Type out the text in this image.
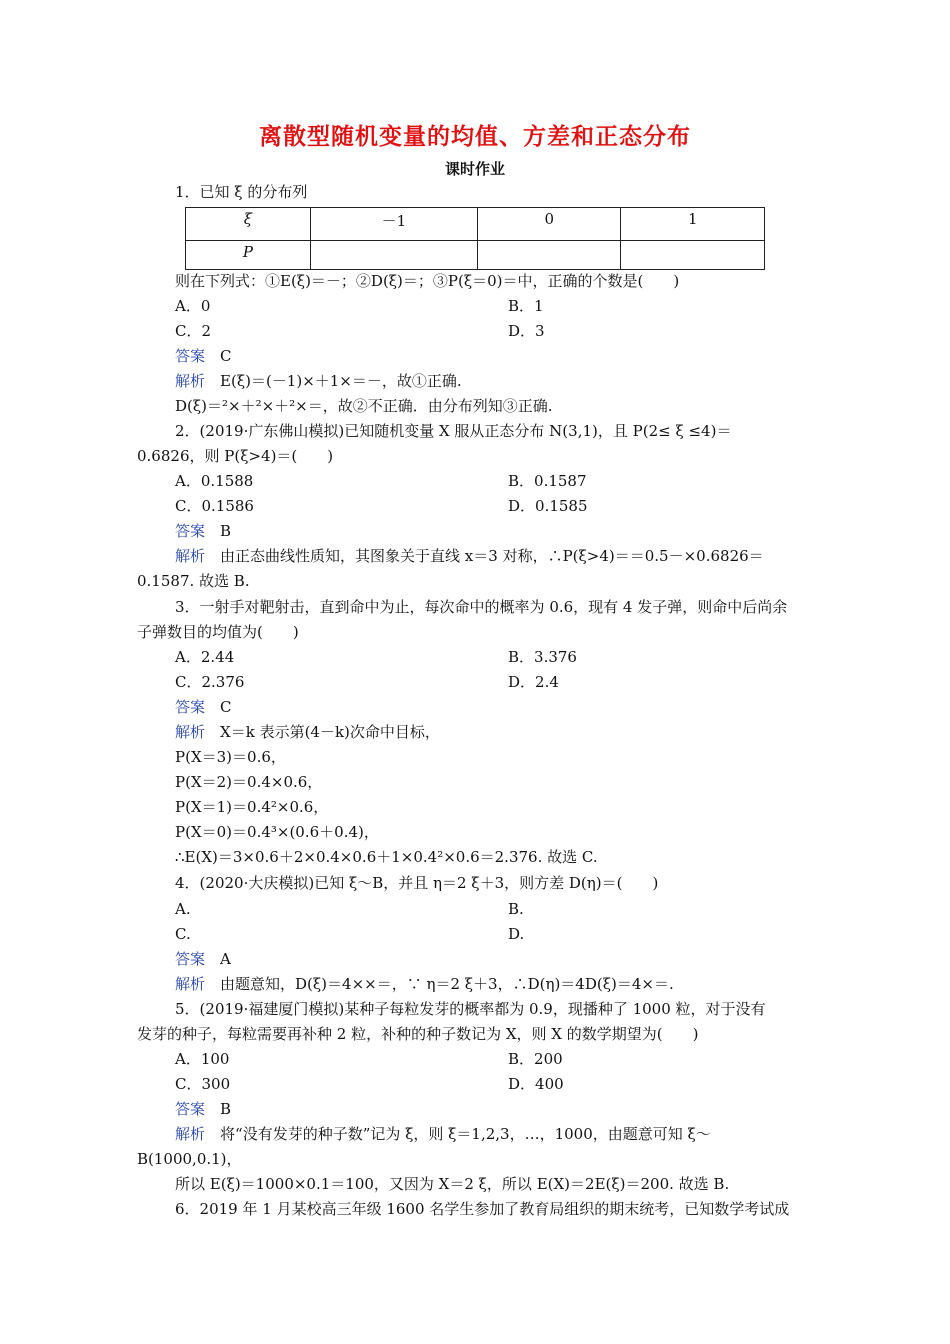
离散型随机变量的均值、方差和正态分布
课时作业
1．已知 ξ 的分布列
ξ	－1	0	1
P			
则在下列式：①E(ξ)＝－；②D(ξ)＝；③P(ξ＝0)＝中，正确的个数是(　　)
A．0	B．1
C．2	D．3
答案　 C
解析　 E(ξ)＝(－1)×＋1×＝－，故①正确.
D(ξ)＝²×＋²×＋²×＝，故②不正确．由分布列知③正确.
2．(2019·广东佛山模拟)已知随机变量 X 服从正态分布 N(3,1)，且 P(2≤ ξ ≤4)＝
0.6826，则 P(ξ>4)＝(　　)
A．0.1588	B．0.1587
C．0.1586	D．0.1585
答案　 B
解析　 由正态曲线性质知，其图象关于直线 x＝3 对称，∴P(ξ>4)＝＝0.5－×0.6826＝
0.1587. 故选 B.
3．一射手对靶射击，直到命中为止，每次命中的概率为 0.6，现有 4 发子弹，则命中后尚余
子弹数目的均值为(　　)
A．2.44	B．3.376
C．2.376	D．2.4
答案　 C
解析　 X＝k 表示第(4－k)次命中目标，
P(X＝3)＝0.6，
P(X＝2)＝0.4×0.6，
P(X＝1)＝0.4²×0.6，
P(X＝0)＝0.4³×(0.6＋0.4)，
∴E(X)＝3×0.6＋2×0.4×0.6＋1×0.4²×0.6＝2.376. 故选 C.
4．(2020·大庆模拟)已知 ξ～B，并且 η＝2 ξ＋3，则方差 D(η)＝(　　)
A.	B.
C.	D.
答案　 A
解析　 由题意知，D(ξ)＝4××＝，∵ η＝2 ξ＋3，∴D(η)＝4D(ξ)＝4×＝.
5．(2019·福建厦门模拟)某种子每粒发芽的概率都为 0.9，现播种了 1000 粒，对于没有
发芽的种子，每粒需要再补种 2 粒，补种的种子数记为 X，则 X 的数学期望为(　　)
A．100	B．200
C．300	D．400
答案　 B
解析　 将“没有发芽的种子数”记为 ξ，则 ξ＝1,2,3，…，1000，由题意可知 ξ～
B(1000,0.1)，
所以 E(ξ)＝1000×0.1＝100，又因为 X＝2 ξ，所以 E(X)＝2E(ξ)＝200. 故选 B.
6．2019 年 1 月某校高三年级 1600 名学生参加了教育局组织的期末统考，已知数学考试成
